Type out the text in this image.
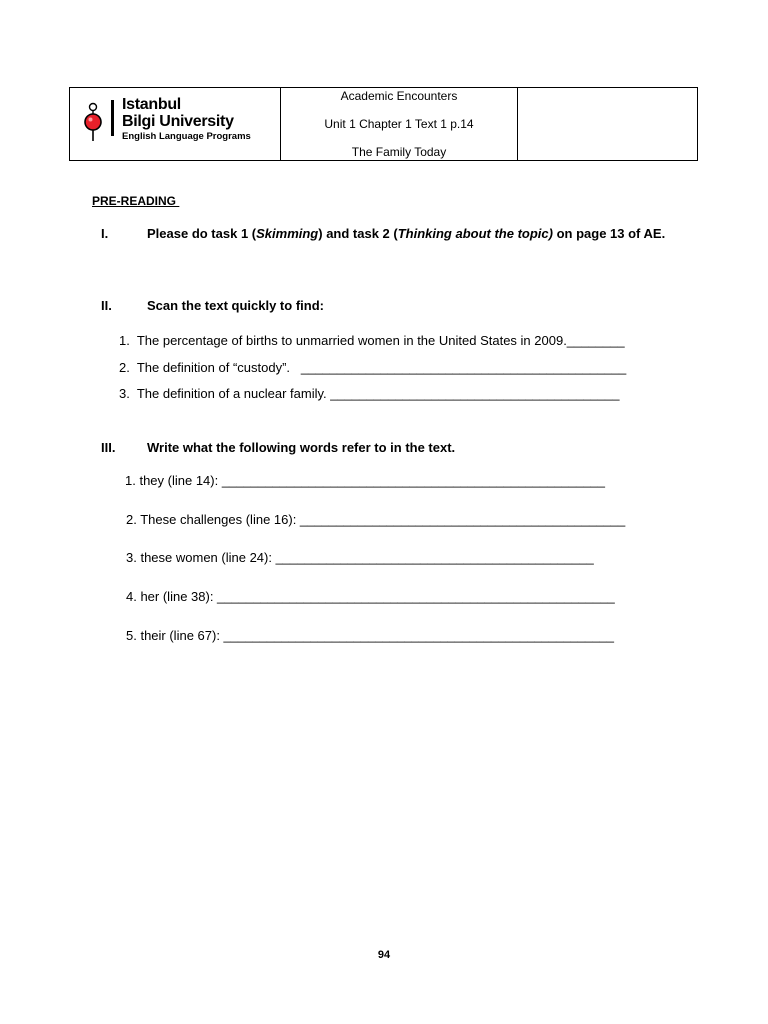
Istanbul
Bilgi University
English Language Programs
Academic Encounters
Unit 1 Chapter 1 Text 1 p.14
The Family Today
PRE-READING
I.	Please do task 1 (Skimming) and task 2 (Thinking about the topic) on page 13 of AE.
II.	Scan the text quickly to find:
1.  The percentage of births to unmarried women in the United States in 2009.________
2.  The definition of “custody”.   _____________________________________________
3.  The definition of a nuclear family. ________________________________________
III. Write what the following words refer to in the text.
1. they (line 14): _____________________________________________________
2. These challenges (line 16): _____________________________________________
3. these women (line 24): ____________________________________________
4. her (line 38): _______________________________________________________
5. their (line 67): ______________________________________________________
94
